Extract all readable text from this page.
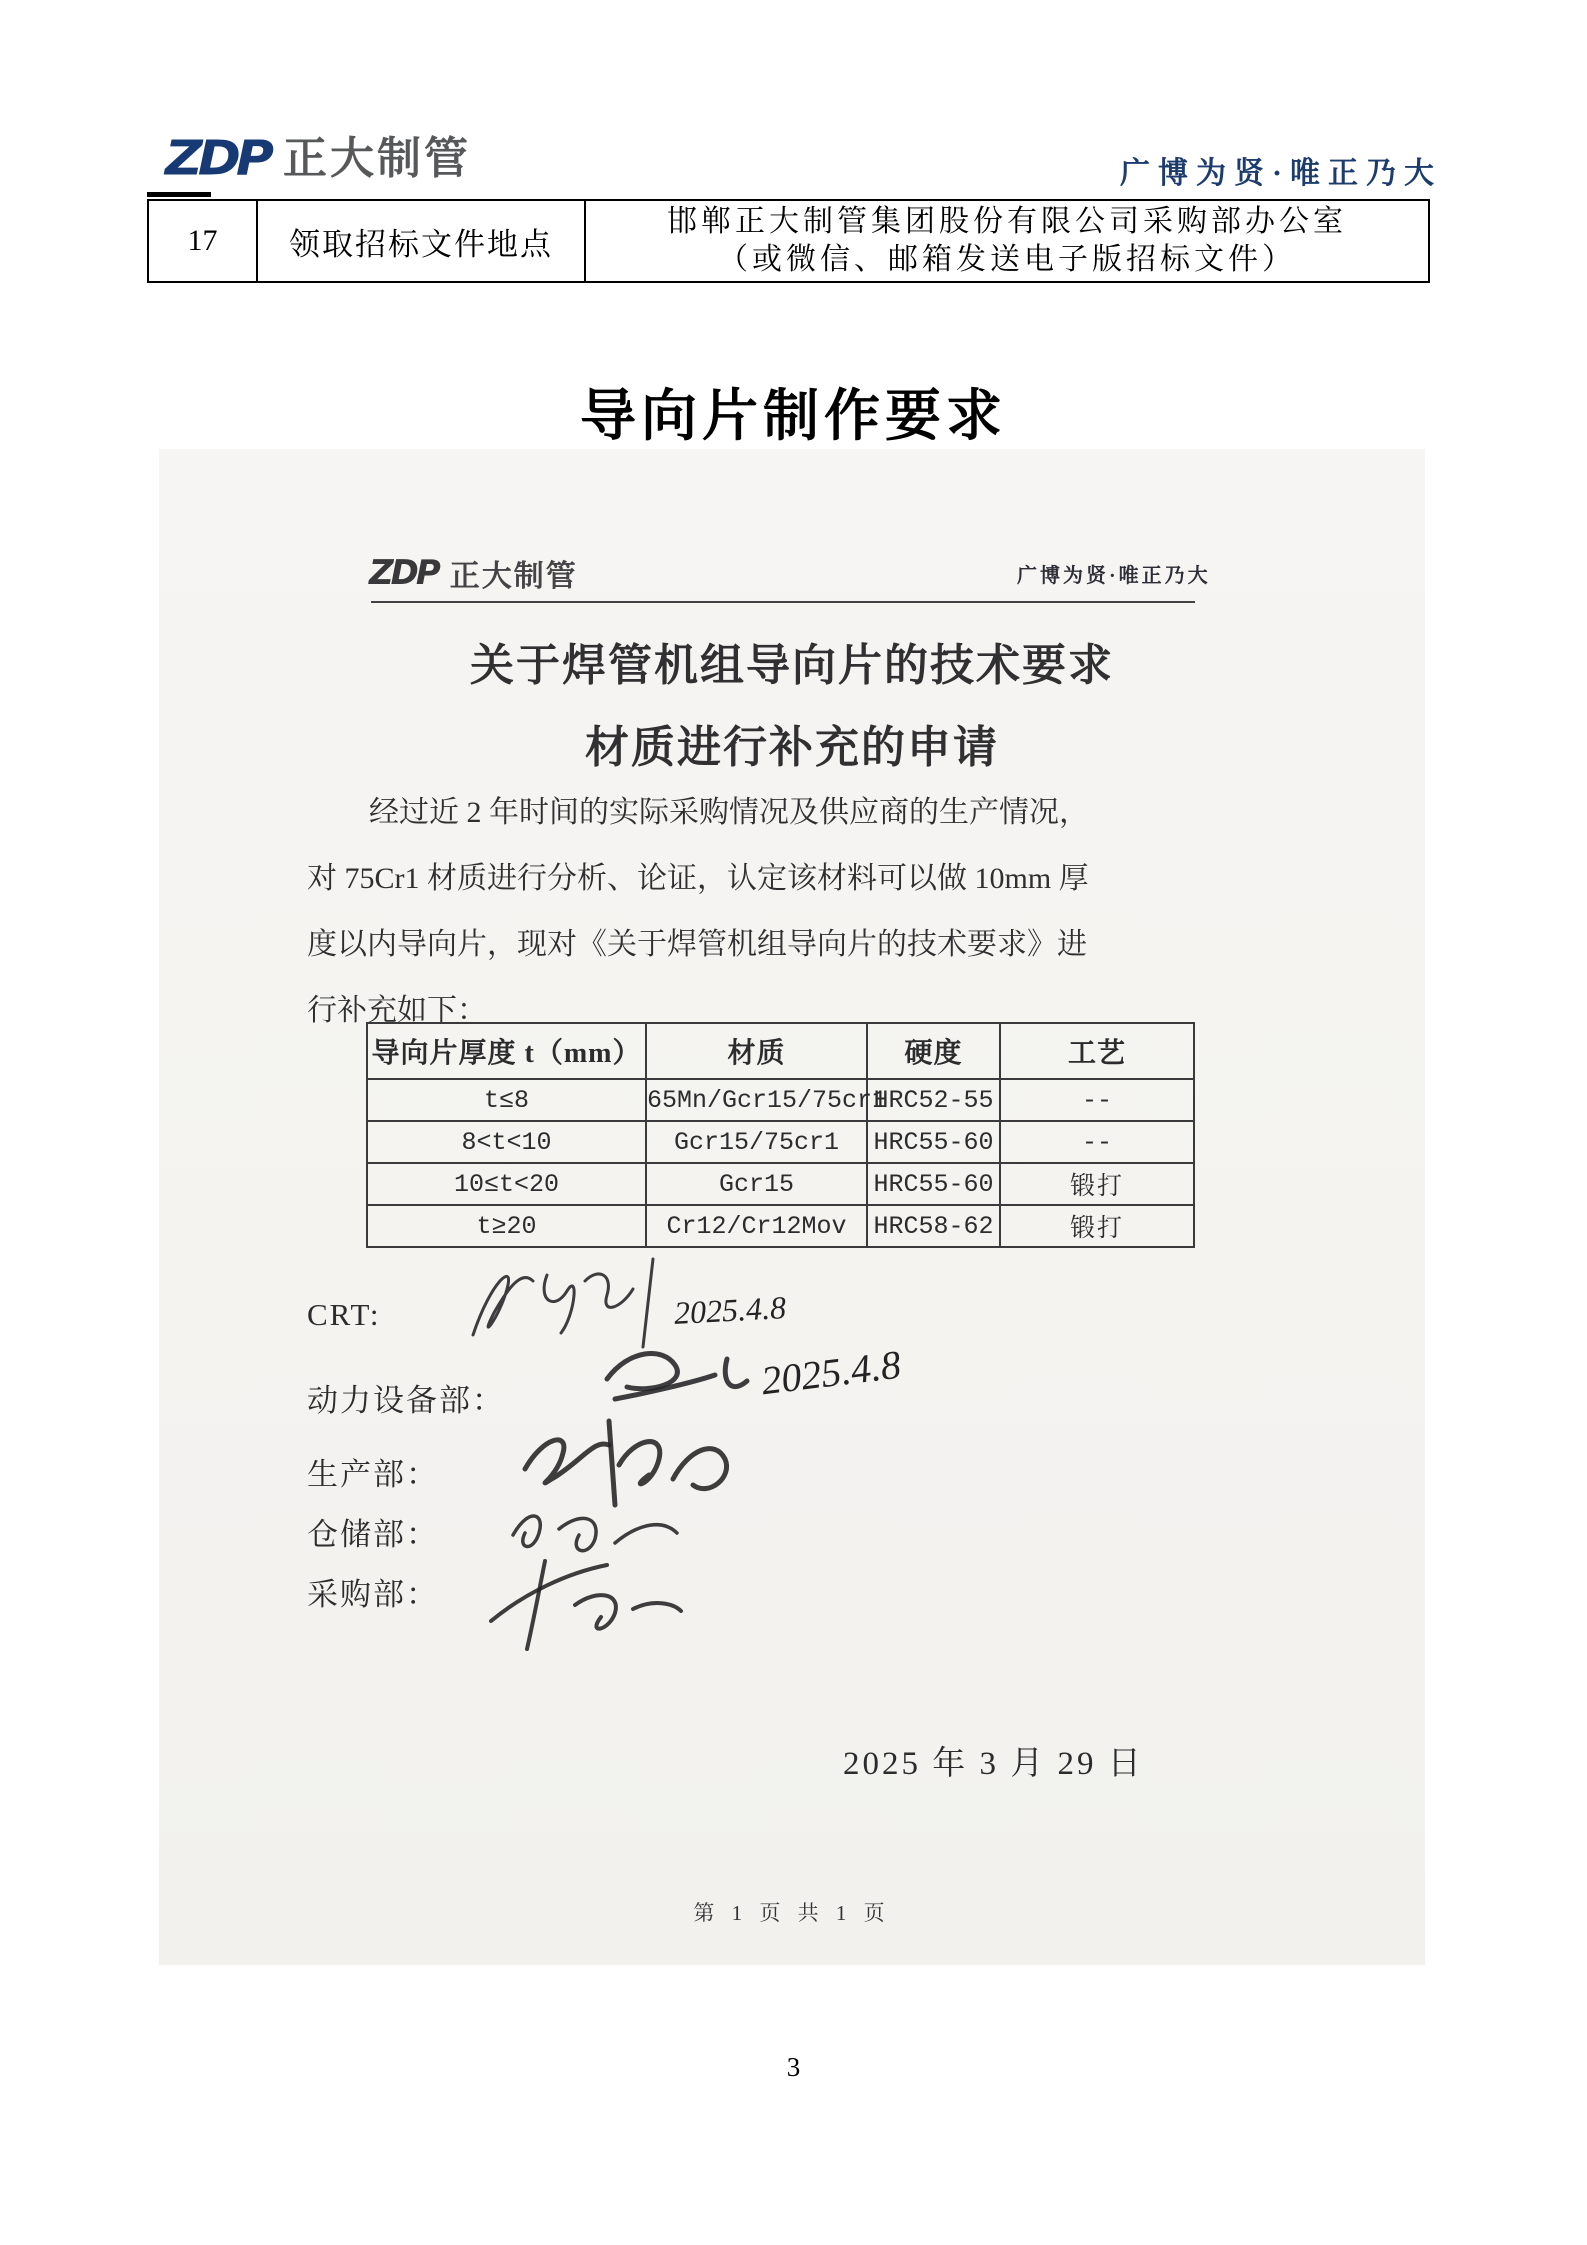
ZDP 正大制管	广博为贤·唯正乃大
17	领取招标文件地点
邯郸正大制管集团股份有限公司采购部办公室
（或微信、邮箱发送电子版招标文件）
导向片制作要求
ZDP 正大制管	广博为贤·唯正乃大
关于焊管机组导向片的技术要求
材质进行补充的申请
经过近 2 年时间的实际采购情况及供应商的生产情况，
对 75Cr1 材质进行分析、论证，认定该材料可以做 10mm 厚
度以内导向片，现对《关于焊管机组导向片的技术要求》进
行补充如下：
导向片厚度 t（mm）	材质	硬度	工艺
t≤8	65Mn/Gcr15/75cr1	HRC52-55	--
8<t<10	Gcr15/75cr1	HRC55-60	--
10≤t<20	Gcr15	HRC55-60	锻打
t≥20	Cr12/Cr12Mov	HRC58-62	锻打
CRT:	2025.4.8
动力设备部：	2025.4.8
生产部：
仓储部：
采购部：
2025 年 3 月 29 日
第 1 页 共 1 页
3
